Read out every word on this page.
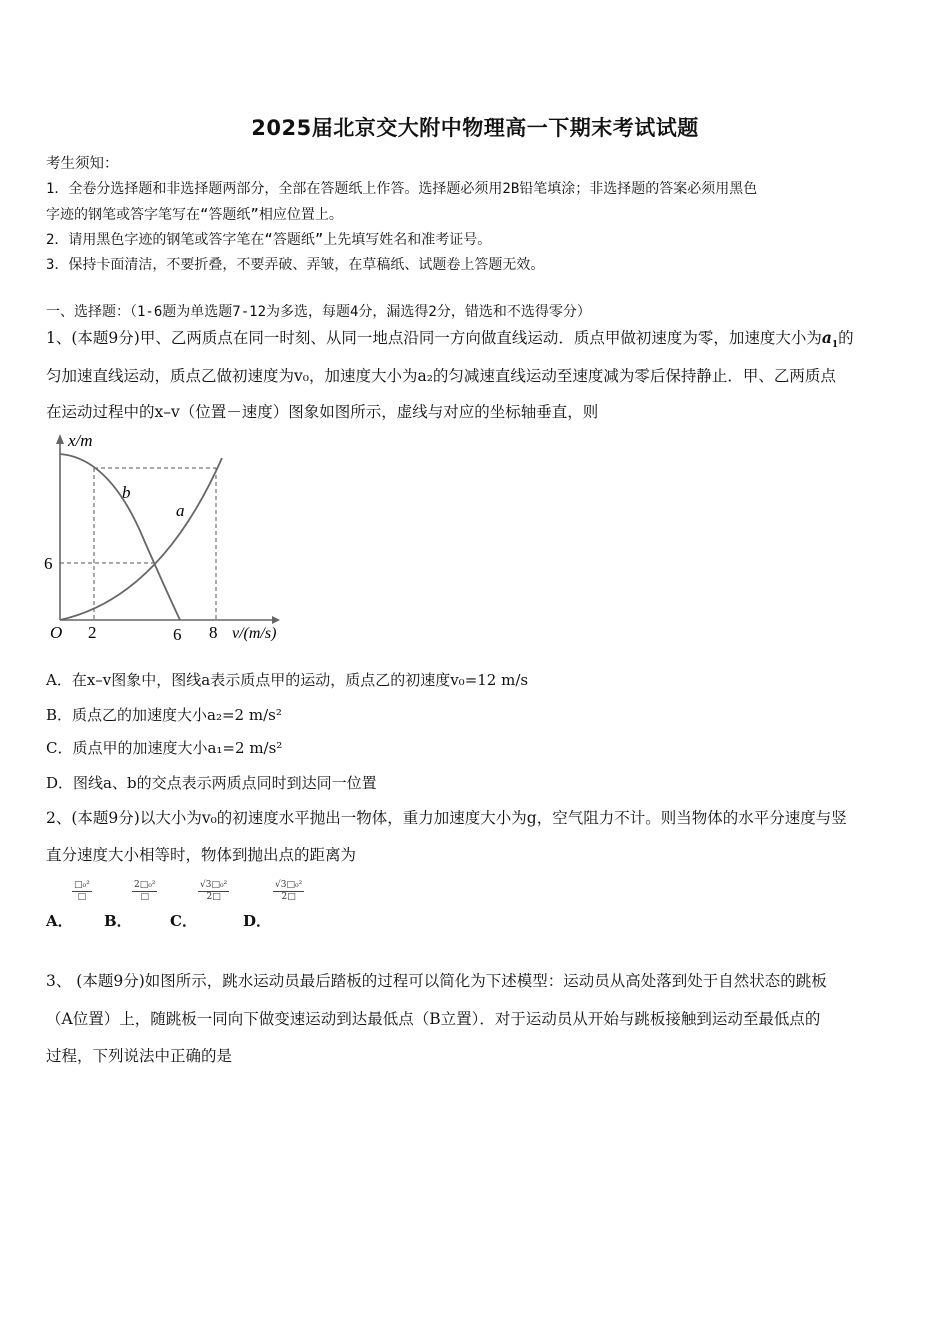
2025届北京交大附中物理高一下期末考试试题
考生须知：
1．全卷分选择题和非选择题两部分，全部在答题纸上作答。选择题必须用2B铅笔填涂；非选择题的答案必须用黑色
字迹的钢笔或答字笔写在“答题纸”相应位置上。
2．请用黑色字迹的钢笔或答字笔在“答题纸”上先填写姓名和准考证号。
3．保持卡面清洁，不要折叠，不要弄破、弄皱，在草稿纸、试题卷上答题无效。
一、选择题：（1-6题为单选题7-12为多选，每题4分，漏选得2分，错选和不选得零分）
1、(本题9分)甲、乙两质点在同一时刻、从同一地点沿同一方向做直线运动．质点甲做初速度为零，加速度大小为$a_1$的
匀加速直线运动，质点乙做初速度为v₀，加速度大小为a₂的匀减速直线运动至速度减为零后保持静止．甲、乙两质点
在运动过程中的x–v（位置－速度）图象如图所示，虚线与对应的坐标轴垂直，则
x/m
v/(m/s)
O
6
2	6 8
b
a
A．在x–v图象中，图线a表示质点甲的运动，质点乙的初速度v₀=12 m/s
B．质点乙的加速度大小a₂=2 m/s²
C．质点甲的加速度大小a₁=2 m/s²
D．图线a、b的交点表示两质点同时到达同一位置
2、(本题9分)以大小为v₀的初速度水平抛出一物体，重力加速度大小为g，空气阻力不计。则当物体的水平分速度与竖
直分速度大小相等时，物体到抛出点的距离为
A．
□₀²
□
B．
2□₀²
□
C．
$\frac{\text{√3□₀²}}{2□}$
D．
$\frac{\text{√3□₀²}}{2□}$
3、 (本题9分)如图所示，跳水运动员最后踏板的过程可以简化为下述模型：运动员从高处落到处于自然状态的跳板
（A位置）上，随跳板一同向下做变速运动到达最低点（B立置）．对于运动员从开始与跳板接触到运动至最低点的
过程，下列说法中正确的是
